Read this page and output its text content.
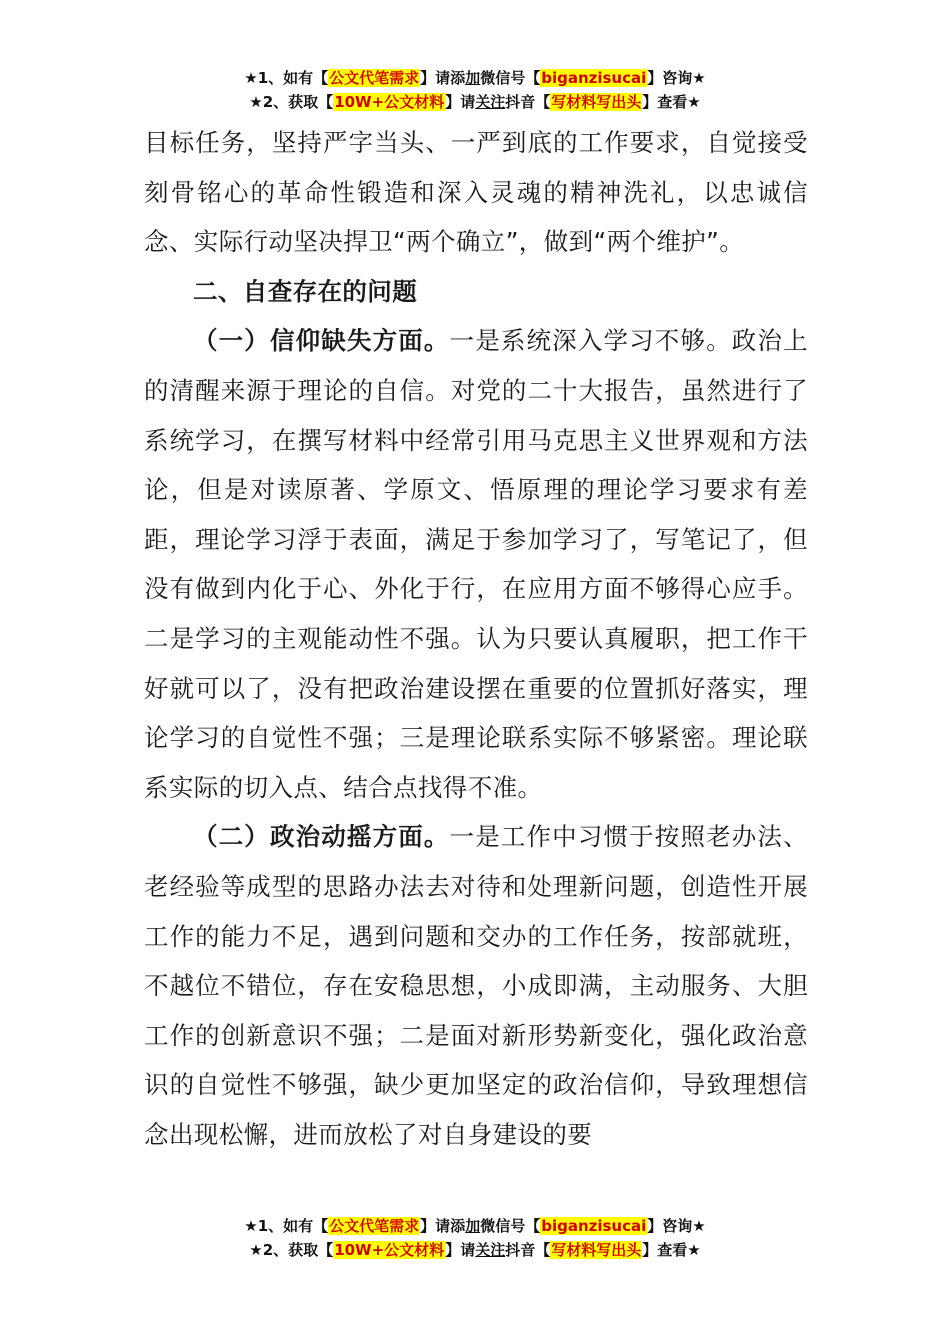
★1、如有【公文代笔需求】请添加微信号【biganzisucai】咨询★
★2、获取【10W+公文材料】请关注抖音【写材料写出头】查看★

目标任务，坚持严字当头、一严到底的工作要求，自觉接受刻骨铭心的革命性锻造和深入灵魂的精神洗礼，以忠诚信念、实际行动坚决捍卫“两个确立”，做到“两个维护”。

二、自查存在的问题

（一）信仰缺失方面。一是系统深入学习不够。政治上的清醒来源于理论的自信。对党的二十大报告，虽然进行了系统学习，在撰写材料中经常引用马克思主义世界观和方法论，但是对读原著、学原文、悟原理的理论学习要求有差距，理论学习浮于表面，满足于参加学习了，写笔记了，但没有做到内化于心、外化于行，在应用方面不够得心应手。二是学习的主观能动性不强。认为只要认真履职，把工作干好就可以了，没有把政治建设摆在重要的位置抓好落实，理论学习的自觉性不强；三是理论联系实际不够紧密。理论联系实际的切入点、结合点找得不准。

（二）政治动摇方面。一是工作中习惯于按照老办法、老经验等成型的思路办法去对待和处理新问题，创造性开展工作的能力不足，遇到问题和交办的工作任务，按部就班，不越位不错位，存在安稳思想，小成即满，主动服务、大胆工作的创新意识不强；二是面对新形势新变化，强化政治意识的自觉性不够强，缺少更加坚定的政治信仰，导致理想信念出现松懈，进而放松了对自身建设的要

★1、如有【公文代笔需求】请添加微信号【biganzisucai】咨询★
★2、获取【10W+公文材料】请关注抖音【写材料写出头】查看★
